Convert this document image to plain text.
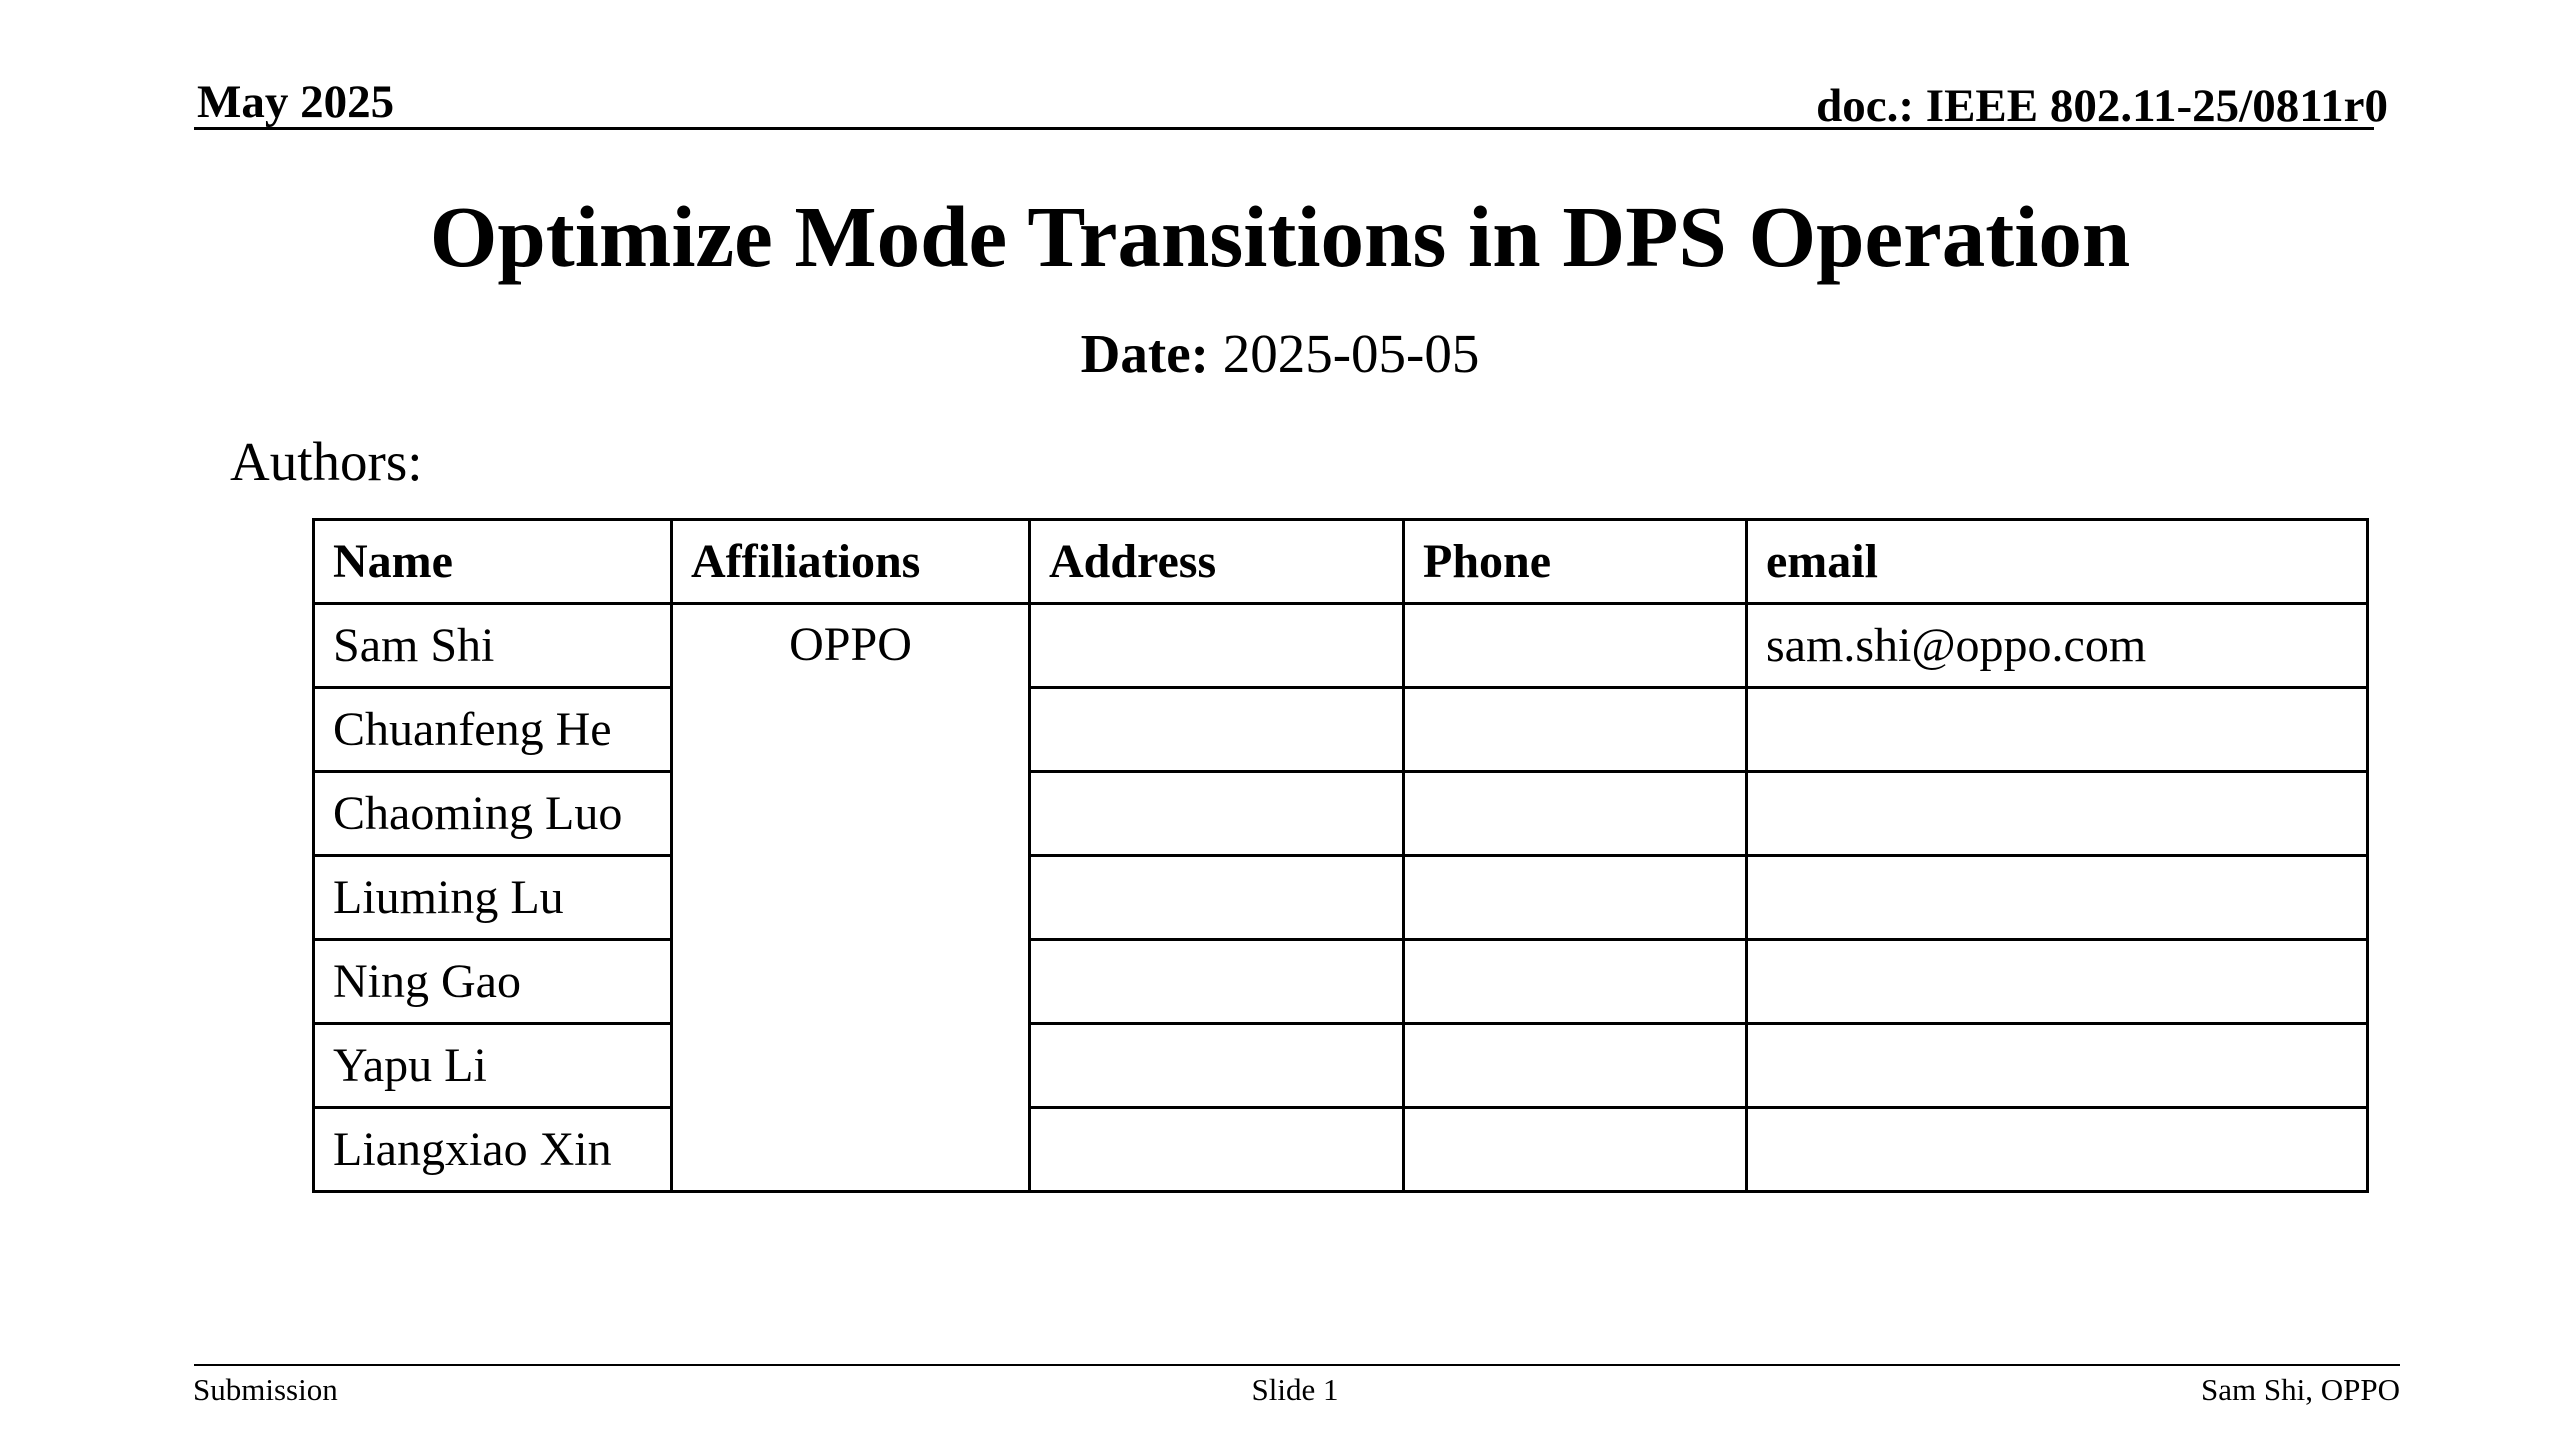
May 2025	doc.: IEEE 802.11-25/0811r0
Optimize Mode Transitions in DPS Operation
Date: 2025-05-05
Authors:
Name	Affiliations	Address	Phone	email
Sam Shi	OPPO			sam.shi@oppo.com
Chuanfeng He				
Chaoming Luo				
Liuming Lu				
Ning Gao				
Yapu Li				
Liangxiao Xin				
Submission	Slide 1	Sam Shi, OPPO
